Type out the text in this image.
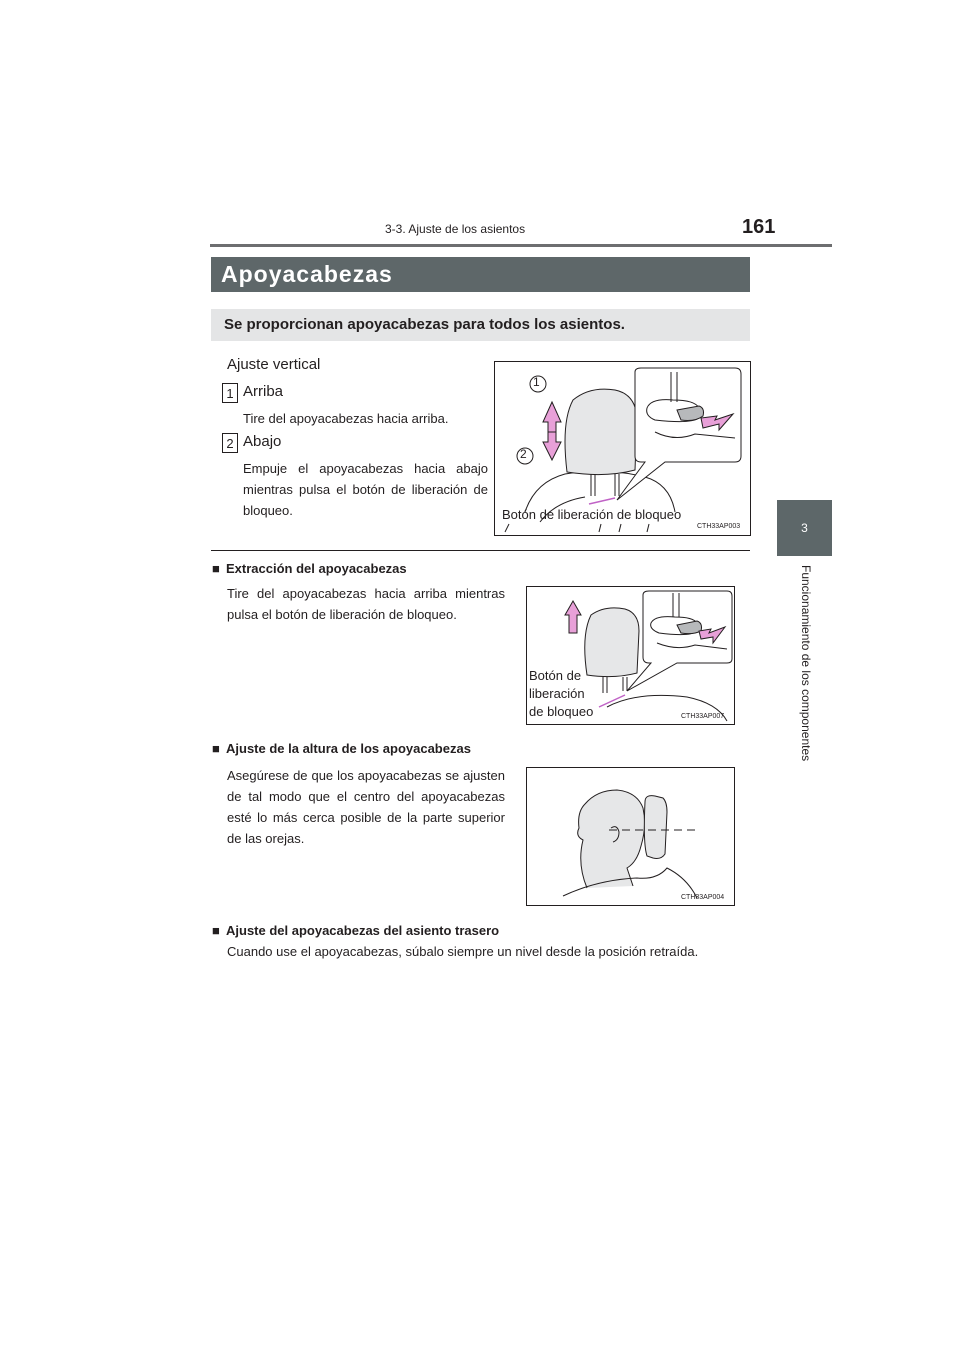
3-3. Ajuste de los asientos	161
3
Funcionamiento de los componentes
Apoyacabezas
Se proporcionan apoyacabezas para todos los asientos.
Ajuste vertical
1 Arriba
Tire del apoyacabezas hacia arriba.
2 Abajo
Empuje el apoyacabezas hacia abajo mientras pulsa el botón de liberación de bloqueo.
1
2
Botón de liberación de bloqueo
CTH33AP003
■ Extracción del apoyacabezas
Tire del apoyacabezas hacia arriba mientras pulsa el botón de liberación de bloqueo.
Botón de
liberación
de bloqueo	CTH33AP007
■ Ajuste de la altura de los apoyacabezas
Asegúrese de que los apoyacabezas se ajusten de tal modo que el centro del apoyacabezas esté lo más cerca posible de la parte superior de las orejas.
CTH33AP004
■ Ajuste del apoyacabezas del asiento trasero
Cuando use el apoyacabezas, súbalo siempre un nivel desde la posición retraída.
